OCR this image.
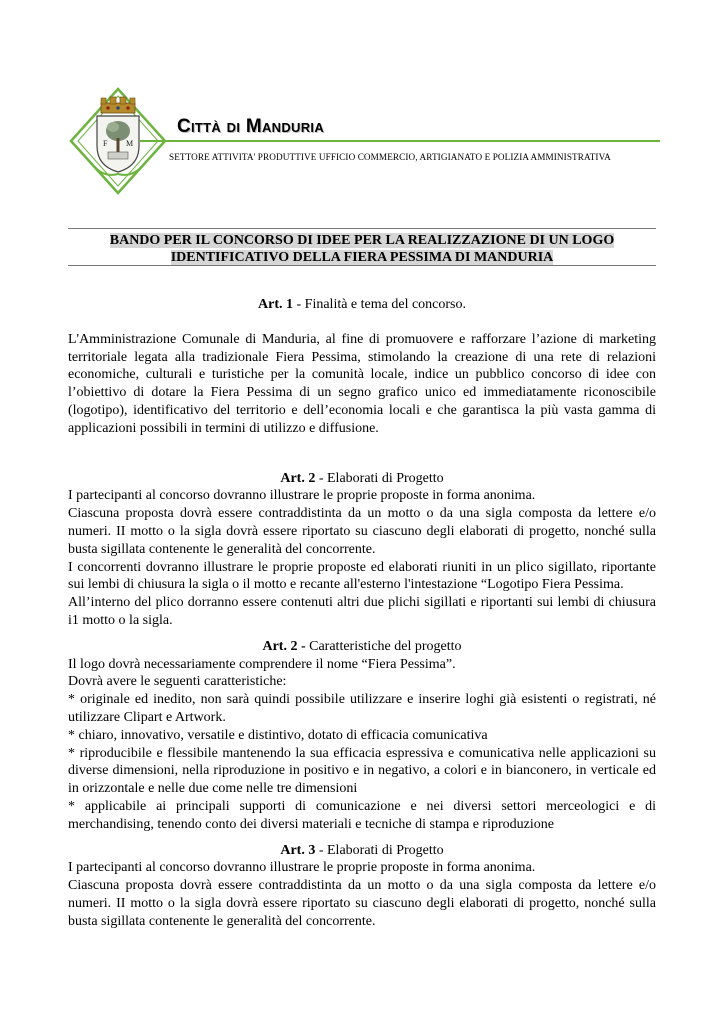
F M
Città di Manduria
SETTORE ATTIVITA' PRODUTTIVE UFFICIO COMMERCIO, ARTIGIANATO E POLIZIA AMMINISTRATIVA
BANDO PER IL CONCORSO DI IDEE PER LA REALIZZAZIONE DI UN LOGO
IDENTIFICATIVO DELLA FIERA PESSIMA DI MANDURIA

Art. 1 - Finalità e tema del concorso.

L'Amministrazione Comunale di Manduria, al fine di promuovere e rafforzare l’azione di marketing territoriale legata alla tradizionale Fiera Pessima, stimolando la creazione di una rete di relazioni economiche, culturali e turistiche per la comunità locale, indice un pubblico concorso di idee con l’obiettivo di dotare la Fiera Pessima di un segno grafico unico ed immediatamente riconoscibile (logotipo), identificativo del territorio e dell’economia locali e che garantisca la più vasta gamma di applicazioni possibili in termini di utilizzo e diffusione.

Art. 2 - Elaborati di Progetto

I partecipanti al concorso dovranno illustrare le proprie proposte in forma anonima.

Ciascuna proposta dovrà essere contraddistinta da un motto o da una sigla composta da lettere e/o numeri. II motto o la sigla dovrà essere riportato su ciascuno degli elaborati di progetto, nonché sulla busta sigillata contenente le generalità del concorrente.

I concorrenti dovranno illustrare le proprie proposte ed elaborati riuniti in un plico sigillato, riportante sui lembi di chiusura la sigla o il motto e recante all'esterno l'intestazione “Logotipo Fiera Pessima.

All’interno del plico dorranno essere contenuti altri due plichi sigillati e riportanti sui lembi di chiusura i1 motto o la sigla.

Art. 2 - Caratteristiche del progetto

Il logo dovrà necessariamente comprendere il nome “Fiera Pessima”.

Dovrà avere le seguenti caratteristiche:

* originale ed inedito, non sarà quindi possibile utilizzare e inserire loghi già esistenti o registrati, né utilizzare Clipart e Artwork.

* chiaro, innovativo, versatile e distintivo, dotato di efficacia comunicativa

* riproducibile e flessibile mantenendo la sua efficacia espressiva e comunicativa nelle applicazioni su diverse dimensioni, nella riproduzione in positivo e in negativo, a colori e in bianconero, in verticale ed in orizzontale e nelle due come nelle tre dimensioni

* applicabile ai principali supporti di comunicazione e nei diversi settori merceologici e di merchandising, tenendo conto dei diversi materiali e tecniche di stampa e riproduzione

Art. 3 - Elaborati di Progetto

I partecipanti al concorso dovranno illustrare le proprie proposte in forma anonima.

Ciascuna proposta dovrà essere contraddistinta da un motto o da una sigla composta da lettere e/o numeri. II motto o la sigla dovrà essere riportato su ciascuno degli elaborati di progetto, nonché sulla busta sigillata contenente le generalità del concorrente.
